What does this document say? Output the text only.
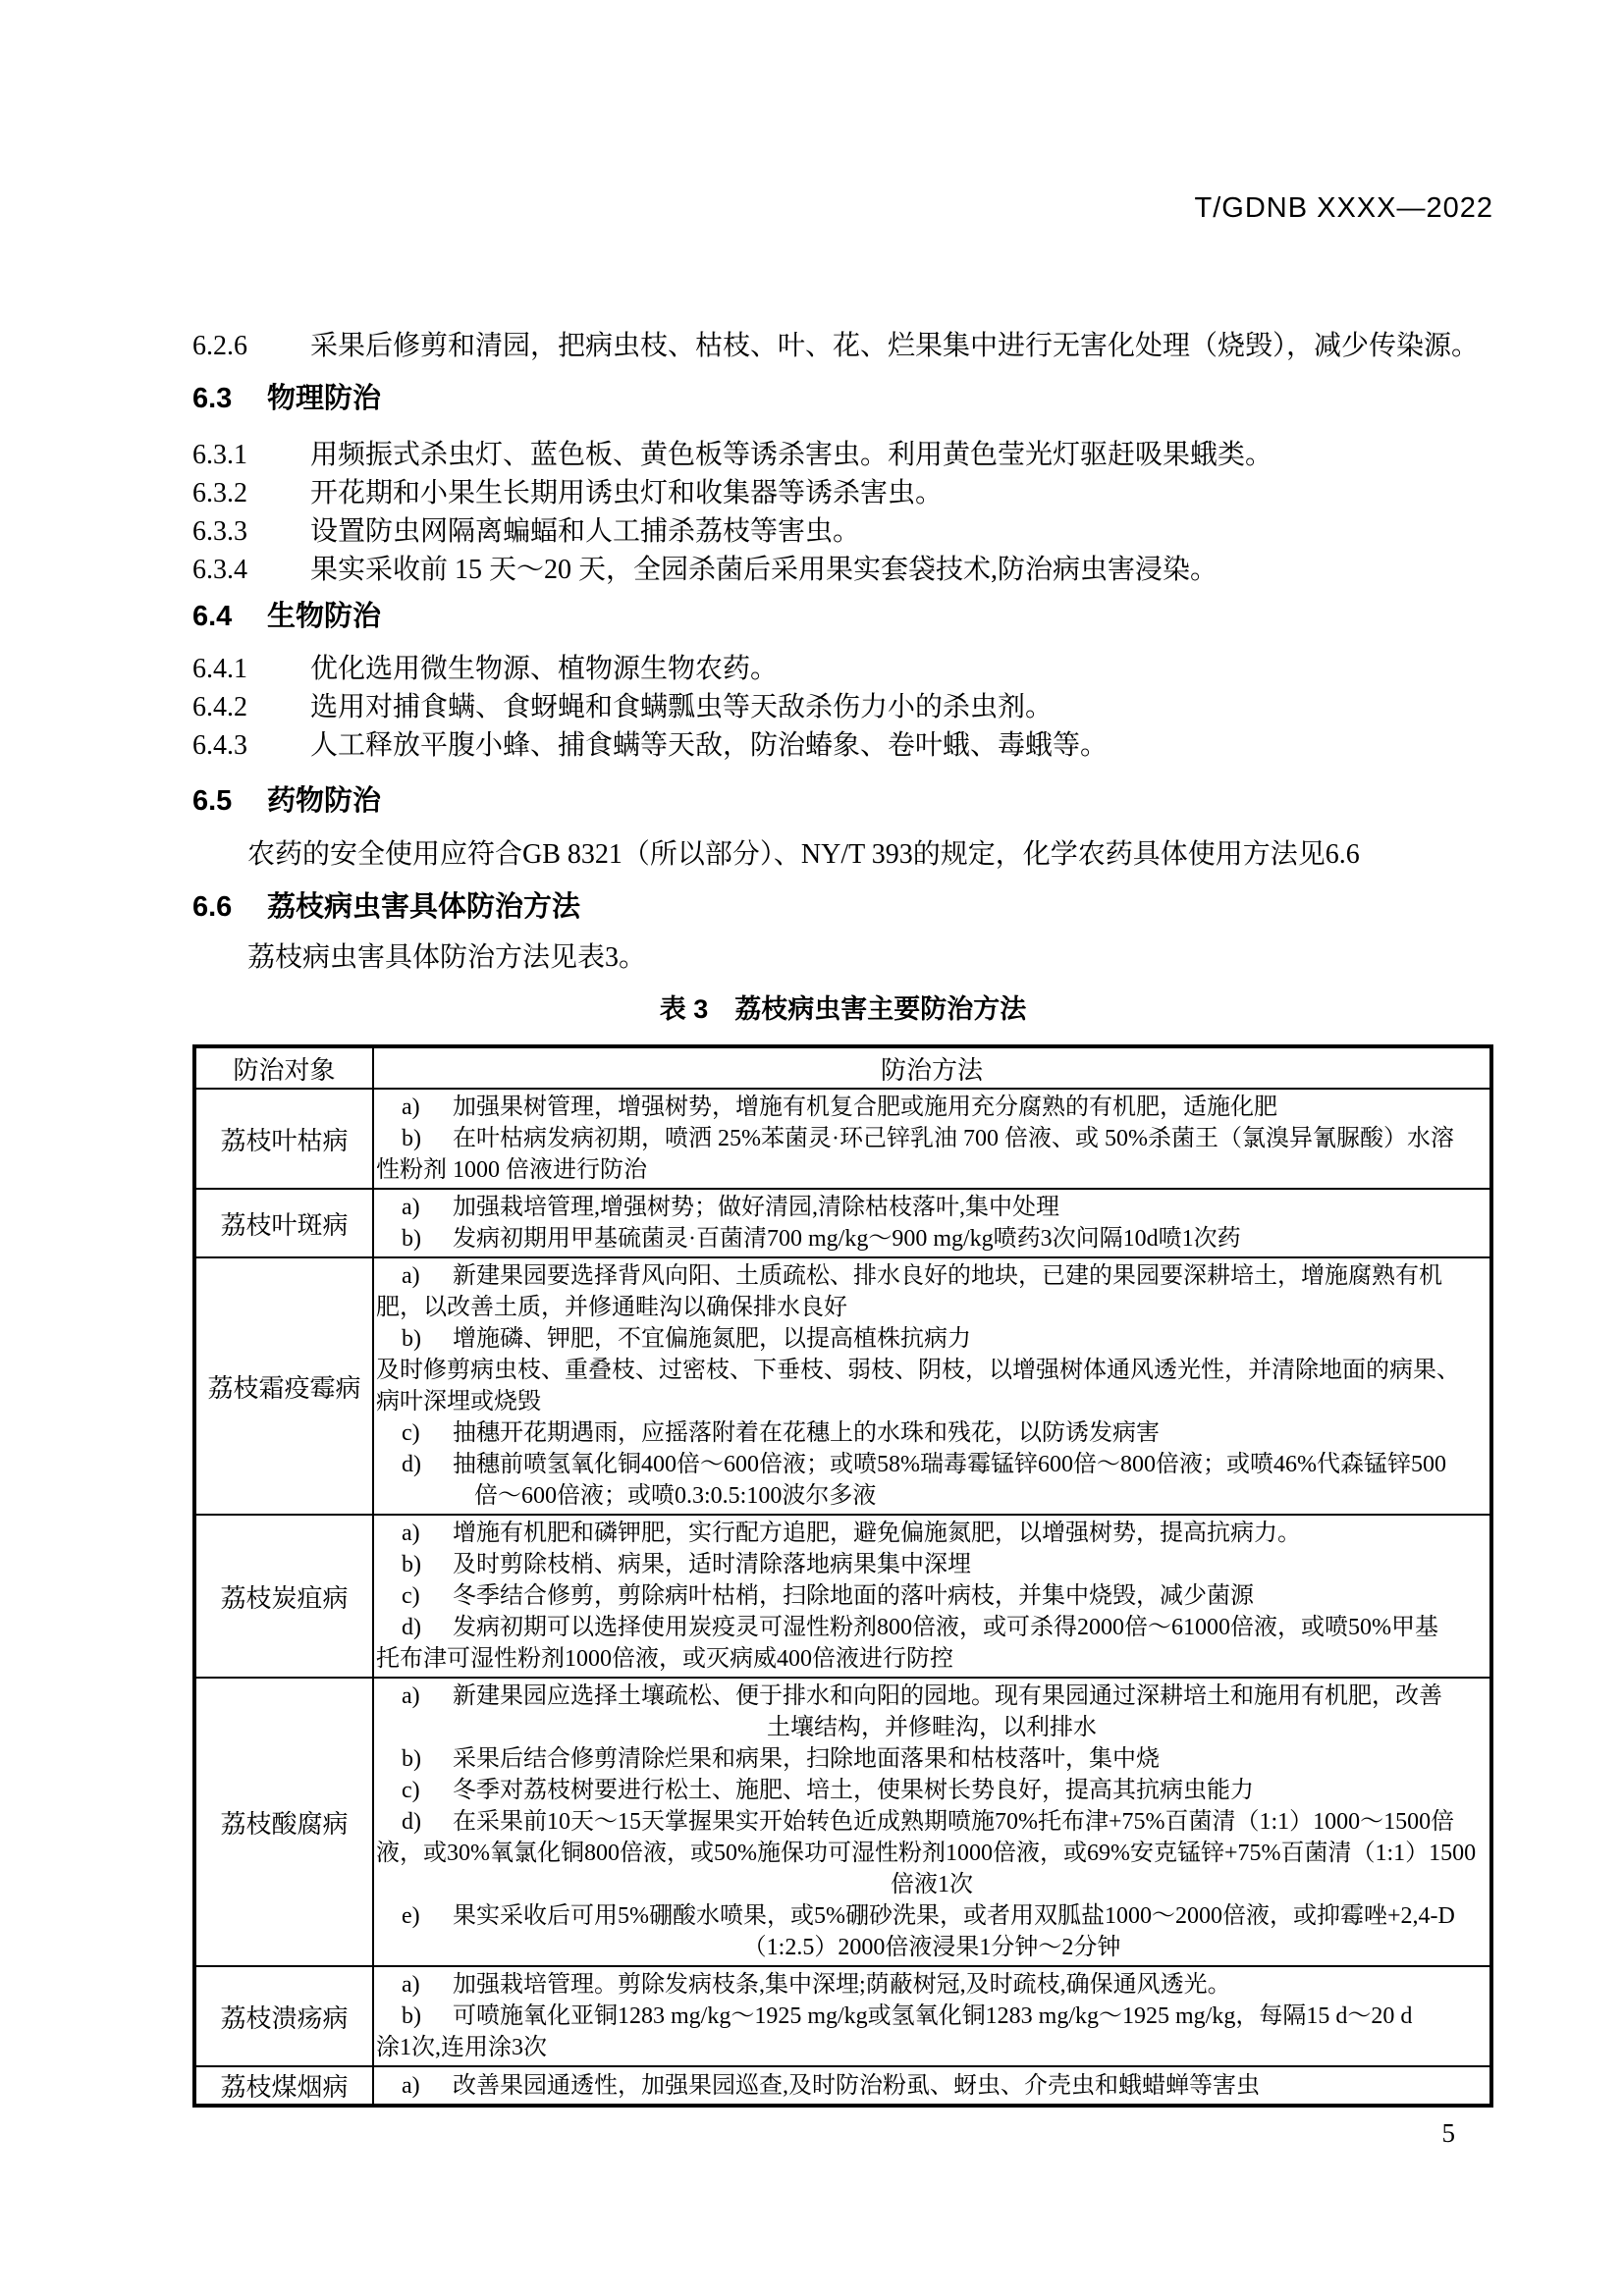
T/GDNB XXXX—2022
6.2.6 采果后修剪和清园，把病虫枝、枯枝、叶、花、烂果集中进行无害化处理（烧毁），减少传染源。
6.3 物理防治
6.3.1 用频振式杀虫灯、蓝色板、黄色板等诱杀害虫。利用黄色莹光灯驱赶吸果蛾类。
6.3.2 开花期和小果生长期用诱虫灯和收集器等诱杀害虫。
6.3.3 设置防虫网隔离蝙蝠和人工捕杀荔枝等害虫。
6.3.4 果实采收前 15 天～20 天，全园杀菌后采用果实套袋技术,防治病虫害浸染。
6.4 生物防治
6.4.1 优化选用微生物源、植物源生物农药。
6.4.2 选用对捕食螨、食蚜蝇和食螨瓢虫等天敌杀伤力小的杀虫剂。
6.4.3 人工释放平腹小蜂、捕食螨等天敌，防治蝽象、卷叶蛾、毒蛾等。
6.5 药物防治
农药的安全使用应符合GB 8321（所以部分）、NY/T 393的规定，化学农药具体使用方法见6.6
6.6 荔枝病虫害具体防治方法
荔枝病虫害具体防治方法见表3。
表 3　荔枝病虫害主要防治方法
防治对象	防治方法
荔枝叶枯病	a) 加强果树管理，增强树势，增施有机复合肥或施用充分腐熟的有机肥，适施化肥
b) 在叶枯病发病初期，喷洒 25%苯菌灵·环己锌乳油 700 倍液、或 50%杀菌王（氯溴异氰脲酸）水溶
性粉剂 1000 倍液进行防治

荔枝叶斑病	a) 加强栽培管理,增强树势；做好清园,清除枯枝落叶,集中处理
b) 发病初期用甲基硫菌灵·百菌清700 mg/kg～900 mg/kg喷药3次问隔10d喷1次药

荔枝霜疫霉病	
a) 新建果园要选择背风向阳、土质疏松、排水良好的地块，已建的果园要深耕培土，增施腐熟有机
肥，以改善土质，并修通畦沟以确保排水良好
b) 增施磷、钾肥，不宜偏施氮肥，以提高植株抗病力
及时修剪病虫枝、重叠枝、过密枝、下垂枝、弱枝、阴枝，以增强树体通风透光性，并清除地面的病果、
病叶深埋或烧毁
c) 抽穗开花期遇雨，应摇落附着在花穗上的水珠和残花，以防诱发病害
d) 抽穗前喷氢氧化铜400倍～600倍液；或喷58%瑞毒霉锰锌600倍～800倍液；或喷46%代森锰锌500
倍～600倍液；或喷0.3:0.5:100波尔多液

荔枝炭疽病	a) 增施有机肥和磷钾肥，实行配方追肥，避免偏施氮肥，以增强树势，提高抗病力。
b) 及时剪除枝梢、病果，适时清除落地病果集中深埋
c) 冬季结合修剪，剪除病叶枯梢，扫除地面的落叶病枝，并集中烧毁，减少菌源
d) 发病初期可以选择使用炭疫灵可湿性粉剂800倍液，或可杀得2000倍～61000倍液，或喷50%甲基
托布津可湿性粉剂1000倍液，或灭病威400倍液进行防控

荔枝酸腐病	
a) 新建果园应选择土壤疏松、便于排水和向阳的园地。现有果园通过深耕培土和施用有机肥，改善
土壤结构，并修畦沟，以利排水
b) 采果后结合修剪清除烂果和病果，扫除地面落果和枯枝落叶，集中烧
c) 冬季对荔枝树要进行松土、施肥、培土，使果树长势良好，提高其抗病虫能力
d) 在采果前10天～15天掌握果实开始转色近成熟期喷施70%托布津+75%百菌清（1:1）1000～1500倍
液，或30%氧氯化铜800倍液，或50%施保功可湿性粉剂1000倍液，或69%安克锰锌+75%百菌清（1:1）1500
倍液1次
e) 果实采收后可用5%硼酸水喷果，或5%硼砂洗果，或者用双胍盐1000～2000倍液，或抑霉唑+2,4-D
（1:2.5）2000倍液浸果1分钟～2分钟

荔枝溃疡病	a) 加强栽培管理。剪除发病枝条,集中深埋;荫蔽树冠,及时疏枝,确保通风透光。
b) 可喷施氧化亚铜1283 mg/kg～1925 mg/kg或氢氧化铜1283 mg/kg～1925 mg/kg，每隔15 d～20 d
涂1次,连用涂3次

荔枝煤烟病	a) 改善果园通透性，加强果园巡查,及时防治粉虱、蚜虫、介壳虫和蛾蜡蝉等害虫
5
